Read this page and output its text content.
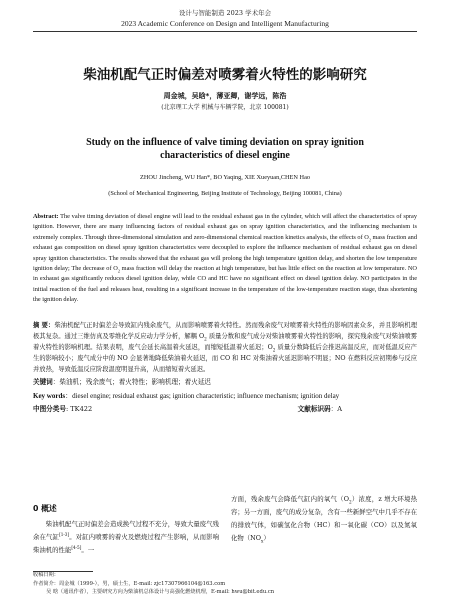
设计与智能制造 2023 学术年会
2023 Academic Conference on Design and Intelligent Manufacturing
柴油机配气正时偏差对喷雾着火特性的影响研究
周金城，吴晗*，薄亚卿，谢学远，陈浩
(北京理工大学 机械与车辆学院，北京 100081)
Study on the influence of valve timing deviation on spray ignition characteristics of diesel engine
ZHOU Jincheng, WU Han*, BO Yaqing, XIE Xueyuan,CHEN Hao
(School of Mechanical Engineering, Beijing Institute of Technology, Beijing 100081, China)
Abstract: The valve timing deviation of diesel engine will lead to the residual exhaust gas in the cylinder, which will affect the characteristics of spray ignition. However, there are many influencing factors of residual exhaust gas on spray ignition characteristics, and the influencing mechanism is extremely complex. Through three-dimensional simulation and zero-dimensional chemical reaction kinetics analysis, the effects of $O_2$ mass fraction and exhaust gas composition on diesel spray ignition characteristics were decoupled to explore the influence mechanism of residual exhaust gas on diesel spray ignition characteristics. The results showed that the exhaust gas will prolong the high temperature ignition delay, and shorten the low temperature ignition delay; The decrease of $O_2$ mass fraction will delay the reaction at high temperature, but has little effect on the reaction at low temperature. NO in exhaust gas significantly reduces diesel ignition delay, while CO and HC have no significant effect on diesel ignition delay. NO participates in the initial reaction of the fuel and releases heat, resulting in a significant increase in the temperature of the low-temperature reaction stage, thus shortening the ignition delay.
摘 要：柴油机配气正时偏差会导致缸内残余废气，从而影响喷雾着火特性。然而残余废气对喷雾着火特性的影响因素众多，并且影响机理极其复杂。通过三维仿真及零维化学反应动力学分析，解耦 $O_2$ 质量分数和废气成分对柴油喷雾着火特性的影响，探究残余废气对柴油喷雾着火特性的影响机理。结果表明，废气会延长高温着火延迟，而缩短低温着火延迟；$O_2$ 质量分数降低后会推迟高温反应，而对低温反应产生的影响较小；废气成分中的 NO 会显著地降低柴油着火延迟，而 CO 和 HC 对柴油着火延迟影响不明显；NO 在燃料反应初期参与反应并放热，导致低温反应阶段温度明显升高，从而缩短着火延迟。
关键词：柴油机；残余废气；着火特性；影响机理；着火延迟
Key words：diesel engine; residual exhaust gas; ignition characteristic; influence mechanism; ignition delay
中图分类号: TK422	文献标识码：A
0 概述
柴油机配气正时偏差会造成换气过程不充分，导致大量废气残余在气缸[1-3]。对缸内喷雾的着火及燃烧过程产生影响，从而影响柴油机的性能[4-5]。一
方面，残余废气会降低气缸内的氧气$(O_2)$浓度，z 增大环境热容；另一方面，废气的成分复杂，含有一些新鲜空气中几乎不存在的排放气体，如碳氢化合物（HC）和一氧化碳（CO）以及氮氧化物$(NO_x)$
收稿日期：
作者简介：周金城（1999-），男，硕士生，E-mail: zjc17307966104@163.com
吴 晗（通讯作者），主要研究方向为柴油机总体设计与高强化燃烧机理，E-mail: hwu@bit.edu.cn
